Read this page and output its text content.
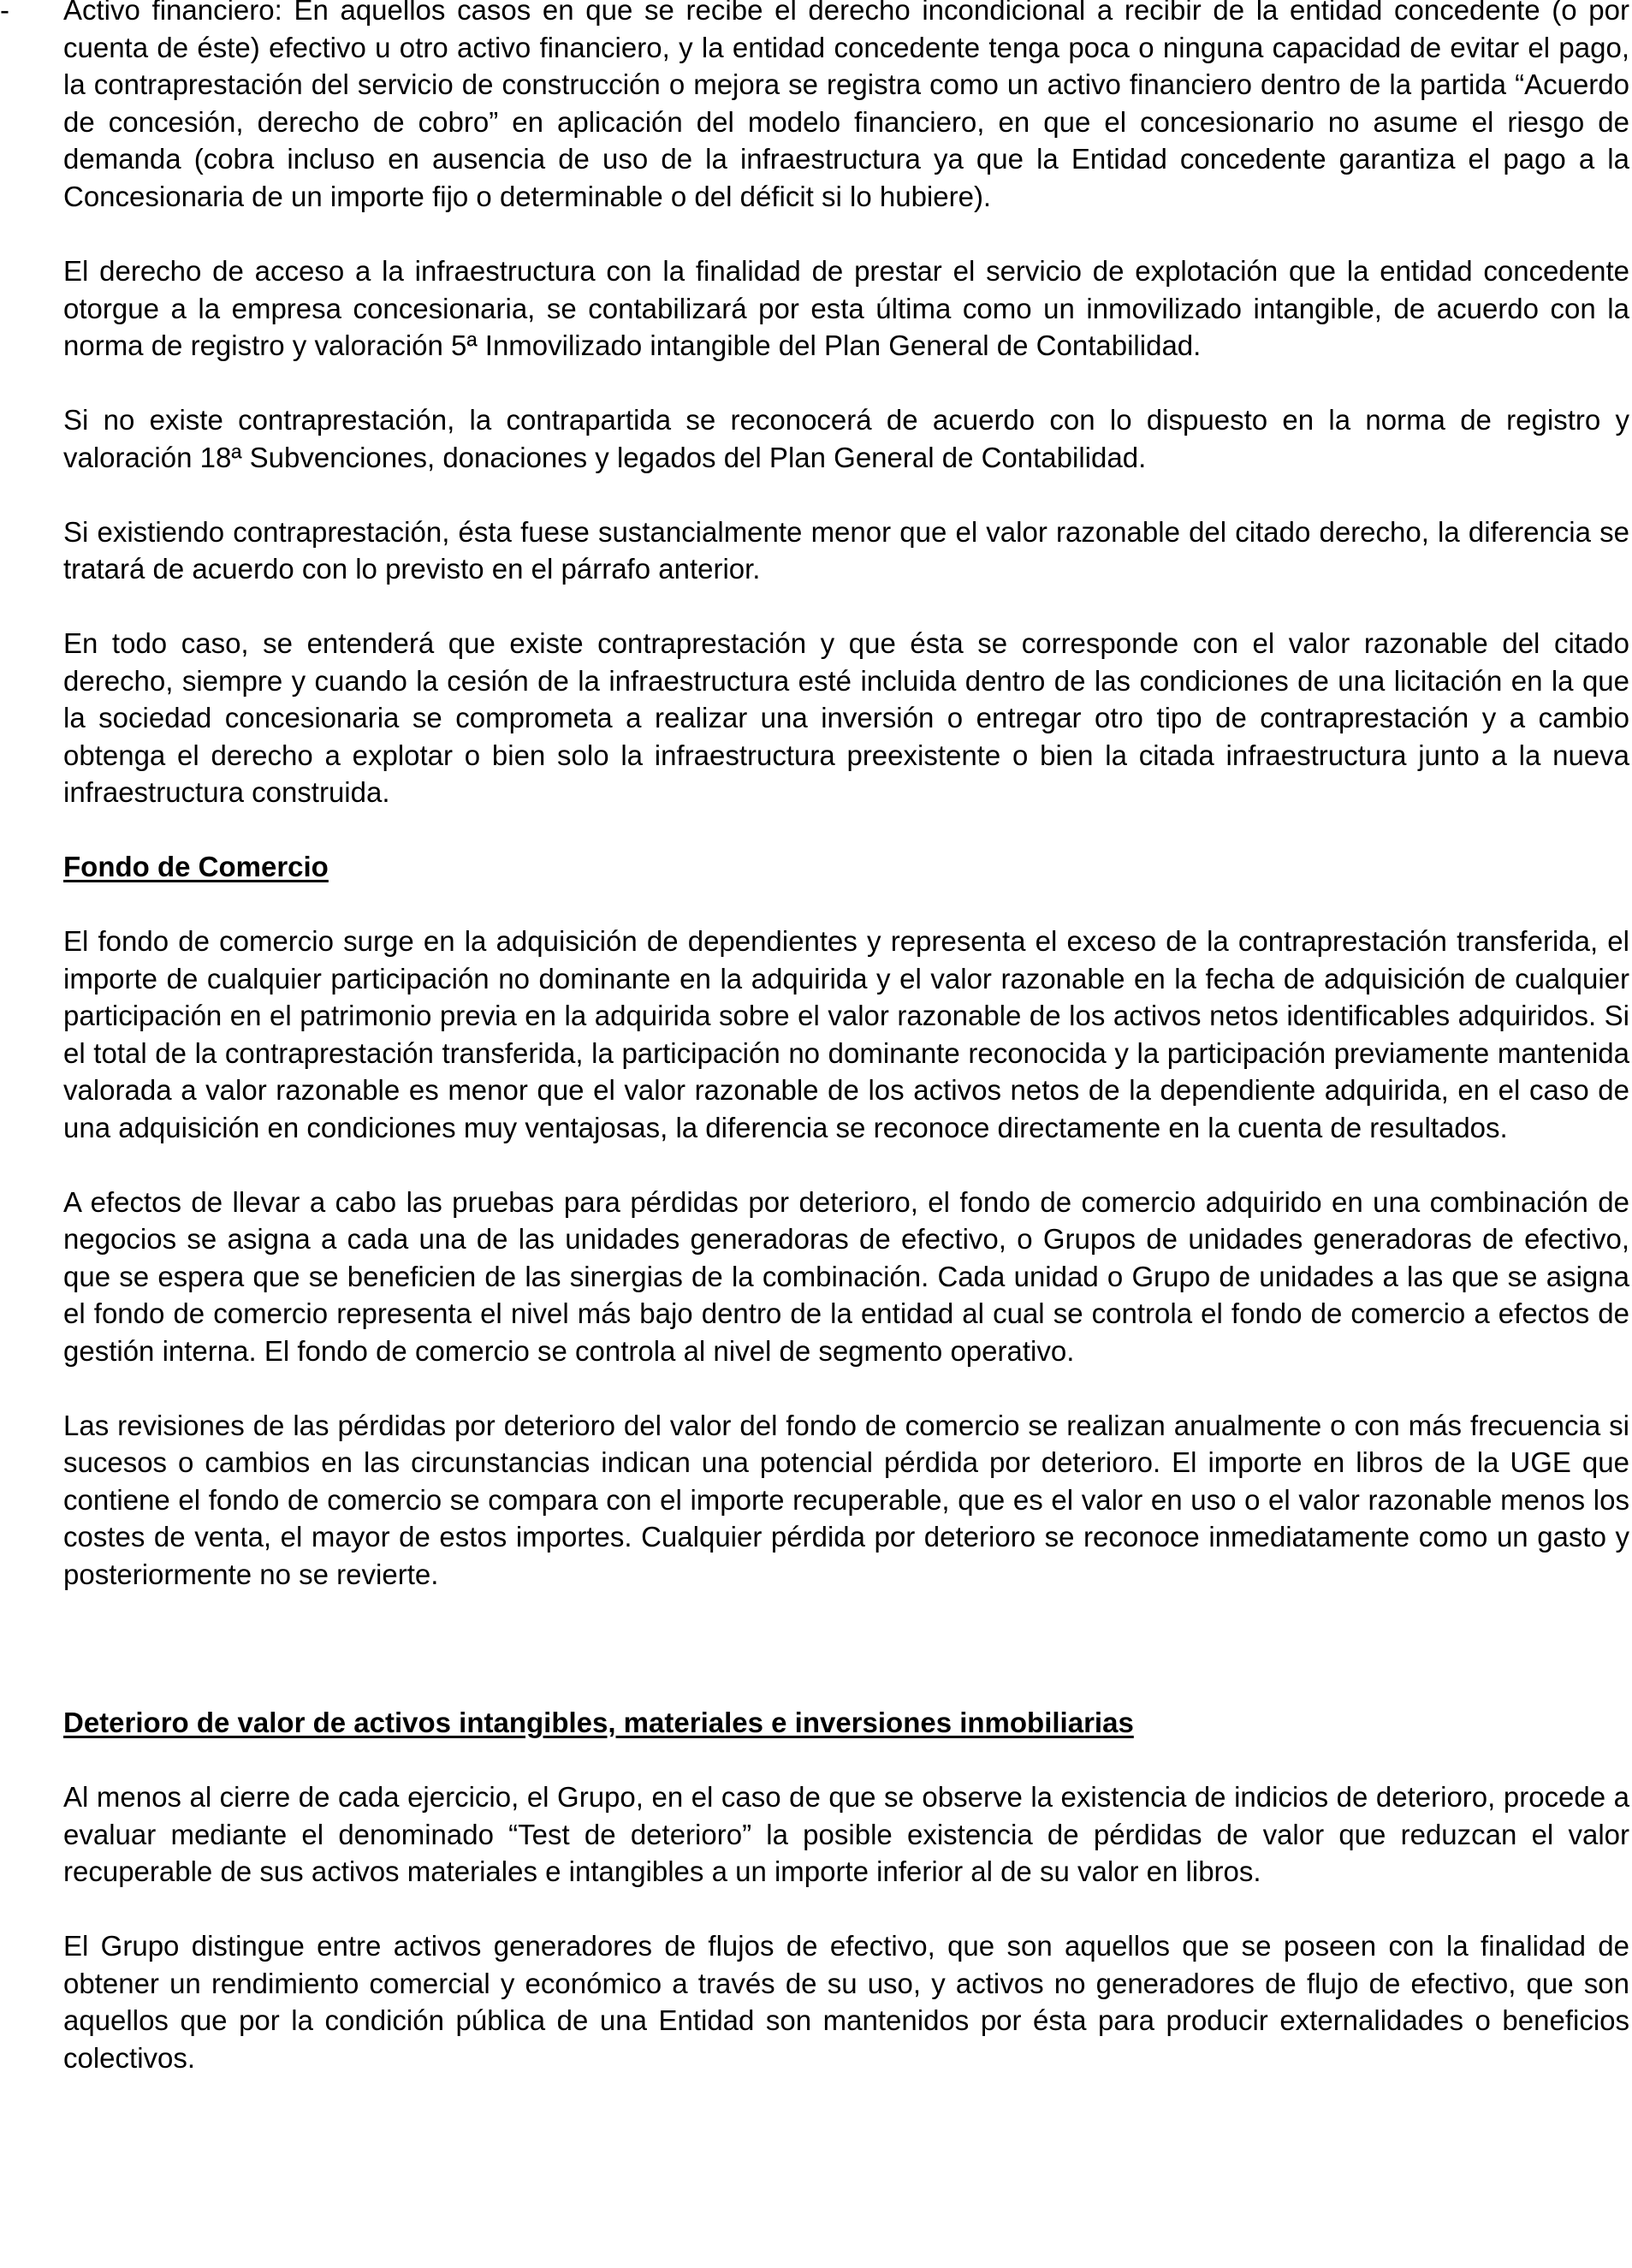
-	Activo financiero: En aquellos casos en que se recibe el derecho incondicional a recibir de la entidad concedente (o por cuenta de éste) efectivo u otro activo financiero, y la entidad concedente tenga poca o ninguna capacidad de evitar el pago, la contraprestación del servicio de construcción o mejora se registra como un activo financiero dentro de la partida “Acuerdo de concesión, derecho de cobro” en aplicación del modelo financiero, en que el concesionario no asume el riesgo de demanda (cobra incluso en ausencia de uso de la infraestructura ya que la Entidad concedente garantiza el pago a la Concesionaria de un importe fijo o determinable o del déficit si lo hubiere).

El derecho de acceso a la infraestructura con la finalidad de prestar el servicio de explotación que la entidad concedente otorgue a la empresa concesionaria, se contabilizará por esta última como un inmovilizado intangible, de acuerdo con la norma de registro y valoración 5ª Inmovilizado intangible del Plan General de Contabilidad.

Si no existe contraprestación, la contrapartida se reconocerá de acuerdo con lo dispuesto en la norma de registro y valoración 18ª Subvenciones, donaciones y legados del Plan General de Contabilidad.

Si existiendo contraprestación, ésta fuese sustancialmente menor que el valor razonable del citado derecho, la diferencia se tratará de acuerdo con lo previsto en el párrafo anterior.

En todo caso, se entenderá que existe contraprestación y que ésta se corresponde con el valor razonable del citado derecho, siempre y cuando la cesión de la infraestructura esté incluida dentro de las condiciones de una licitación en la que la sociedad concesionaria se comprometa a realizar una inversión o entregar otro tipo de contraprestación y a cambio obtenga el derecho a explotar o bien solo la infraestructura preexistente o bien la citada infraestructura junto a la nueva infraestructura construida.

Fondo de Comercio

El fondo de comercio surge en la adquisición de dependientes y representa el exceso de la contraprestación transferida, el importe de cualquier participación no dominante en la adquirida y el valor razonable en la fecha de adquisición de cualquier participación en el patrimonio previa en la adquirida sobre el valor razonable de los activos netos identificables adquiridos. Si el total de la contraprestación transferida, la participación no dominante reconocida y la participación previamente mantenida valorada a valor razonable es menor que el valor razonable de los activos netos de la dependiente adquirida, en el caso de una adquisición en condiciones muy ventajosas, la diferencia se reconoce directamente en la cuenta de resultados.

A efectos de llevar a cabo las pruebas para pérdidas por deterioro, el fondo de comercio adquirido en una combinación de negocios se asigna a cada una de las unidades generadoras de efectivo, o Grupos de unidades generadoras de efectivo, que se espera que se beneficien de las sinergias de la combinación. Cada unidad o Grupo de unidades a las que se asigna el fondo de comercio representa el nivel más bajo dentro de la entidad al cual se controla el fondo de comercio a efectos de gestión interna. El fondo de comercio se controla al nivel de segmento operativo.

Las revisiones de las pérdidas por deterioro del valor del fondo de comercio se realizan anualmente o con más frecuencia si sucesos o cambios en las circunstancias indican una potencial pérdida por deterioro. El importe en libros de la UGE que contiene el fondo de comercio se compara con el importe recuperable, que es el valor en uso o el valor razonable menos los costes de venta, el mayor de estos importes. Cualquier pérdida por deterioro se reconoce inmediatamente como un gasto y posteriormente no se revierte.

Deterioro de valor de activos intangibles, materiales e inversiones inmobiliarias

Al menos al cierre de cada ejercicio, el Grupo, en el caso de que se observe la existencia de indicios de deterioro, procede a evaluar mediante el denominado “Test de deterioro” la posible existencia de pérdidas de valor que reduzcan el valor recuperable de sus activos materiales e intangibles a un importe inferior al de su valor en libros.

El Grupo distingue entre activos generadores de flujos de efectivo, que son aquellos que se poseen con la finalidad de obtener un rendimiento comercial y económico a través de su uso, y activos no generadores de flujo de efectivo, que son aquellos que por la condición pública de una Entidad son mantenidos por ésta para producir externalidades o beneficios colectivos.
